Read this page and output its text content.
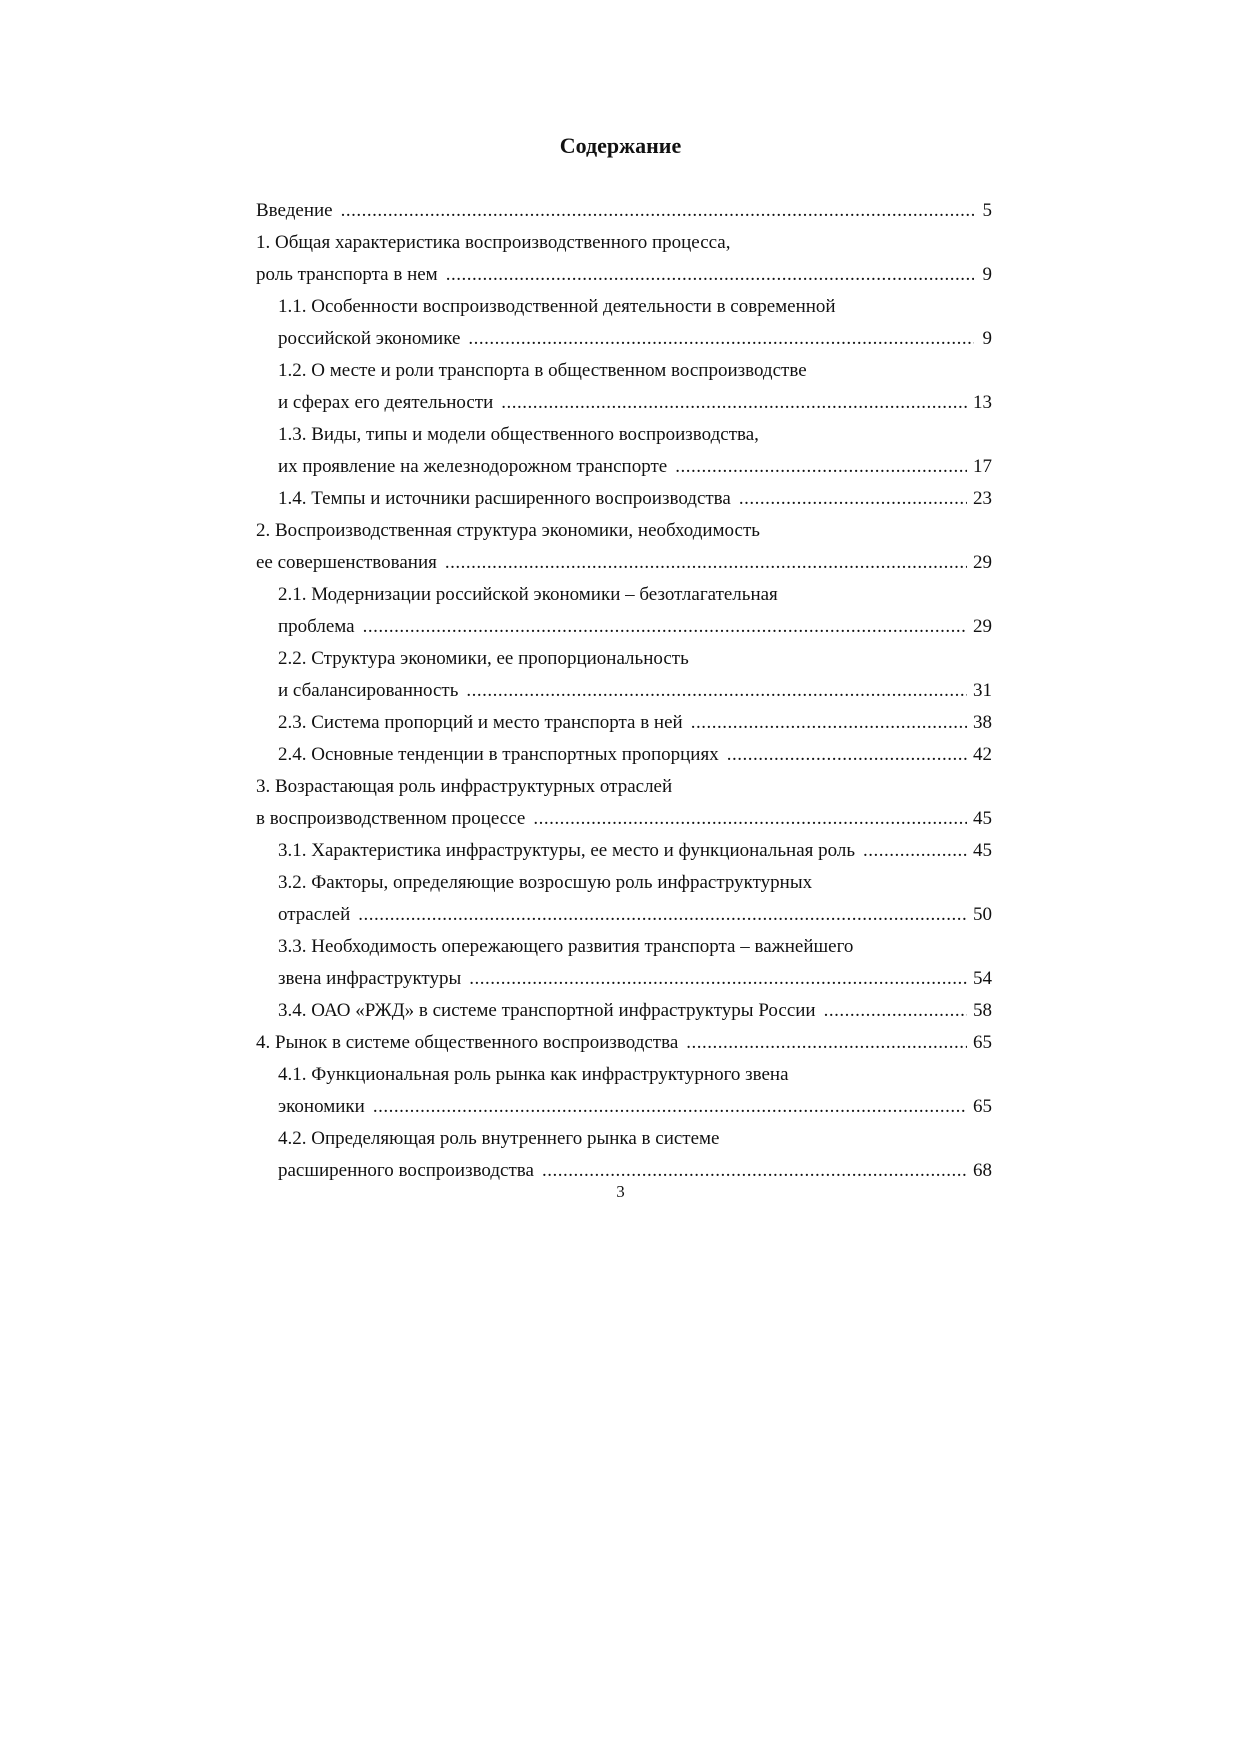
Содержание
Введение .....	5
1. Общая характеристика воспроизводственного процесса,
роль транспорта в нем .....	9
1.1. Особенности воспроизводственной деятельности в современной
российской экономике .....	9
1.2. О месте и роли транспорта в общественном воспроизводстве
и сферах его деятельности .....	13
1.3. Виды, типы и модели общественного воспроизводства,
их проявление на железнодорожном транспорте .....	17
1.4. Темпы и источники расширенного воспроизводства .....	23
2. Воспроизводственная структура экономики, необходимость
ее совершенствования .....	29
2.1. Модернизации российской экономики – безотлагательная
проблема .....	29
2.2. Структура экономики, ее пропорциональность
и сбалансированность .....	31
2.3. Система пропорций и место транспорта в ней .....	38
2.4. Основные тенденции в транспортных пропорциях .....	42
3. Возрастающая роль инфраструктурных отраслей
в воспроизводственном процессе .....	45
3.1. Характеристика инфраструктуры, ее место и функциональная роль .....	45
3.2. Факторы, определяющие возросшую роль инфраструктурных
отраслей .....	50
3.3. Необходимость опережающего развития транспорта – важнейшего
звена инфраструктуры .....	54
3.4. ОАО «РЖД» в системе транспортной инфраструктуры России .....	58
4. Рынок в системе общественного воспроизводства .....	65
4.1. Функциональная роль рынка как инфраструктурного звена
экономики .....	65
4.2. Определяющая роль внутреннего рынка в системе
расширенного воспроизводства .....	68
3
